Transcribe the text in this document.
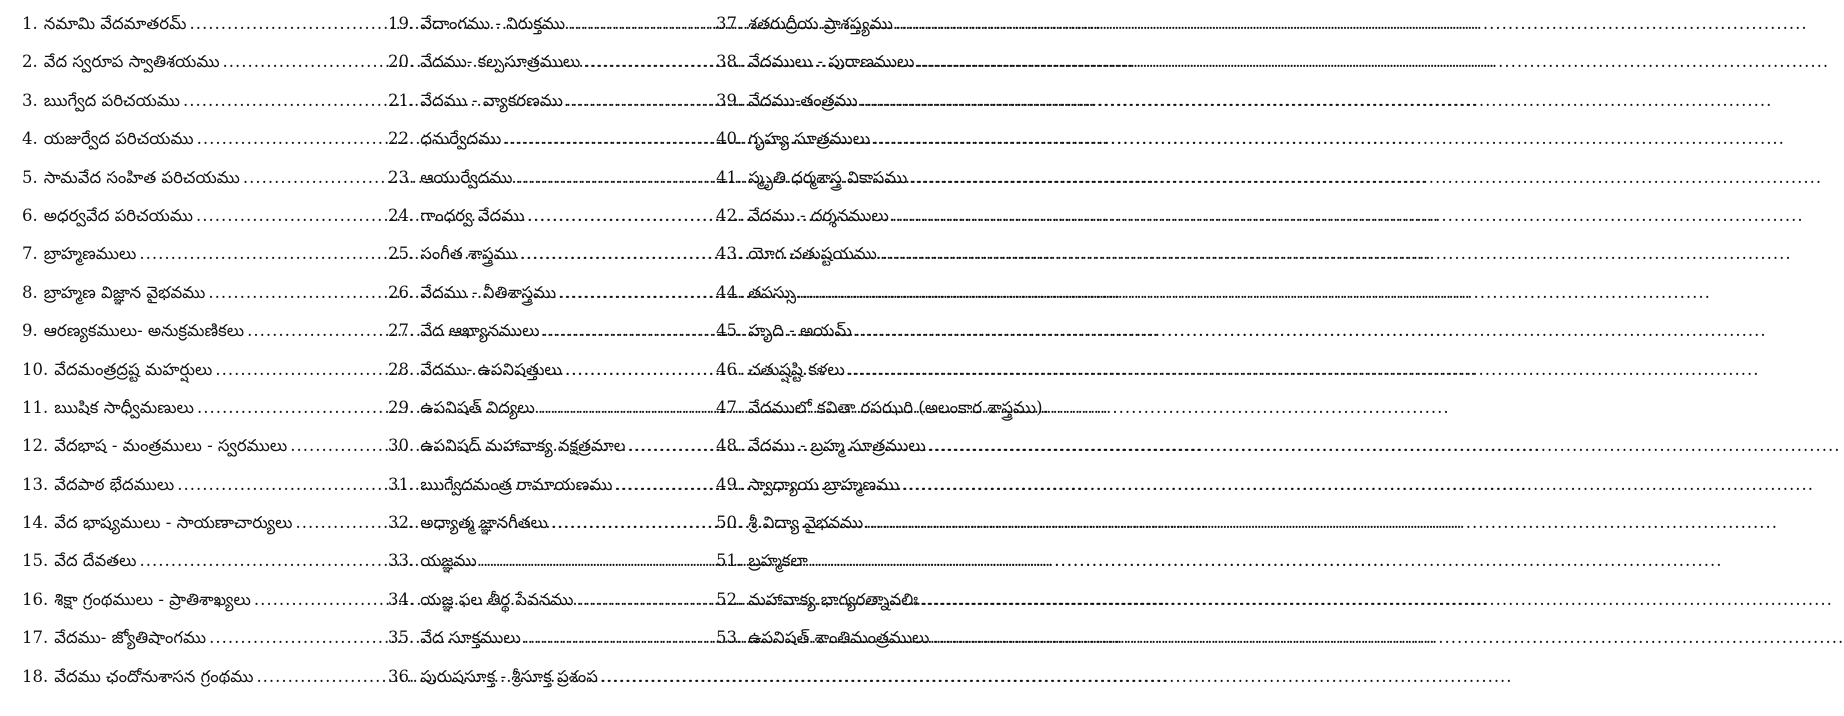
1. నమామి వేదమాతరమ్
.....
2. వేద స్వరూప స్వాతిశయము
.....
3. ఋగ్వేద పరిచయము
.....
4. యజుర్వేద పరిచయము
.....
5. సామవేద సంహిత పరిచయము
.....
6. అధర్వవేద పరిచయము
.....
7. బ్రాహ్మణములు
.....
8. బ్రాహ్మణ విజ్ఞాన వైభవము
.....
9. ఆరణ్యకములు- అనుక్రమణికలు
.....
10. వేదమంత్రద్రష్ట మహర్షులు
.....
11. ఋషిక సాధ్వీమణులు
.....
12. వేదభాష - మంత్రములు - స్వరములు
.....
13. వేదపాఠ భేదములు
.....
14. వేద భాష్యములు - సాయణాచార్యులు
.....
15. వేద దేవతలు
.....
16. శిక్షా గ్రంథములు - ప్రాతిశాఖ్యలు
.....
17. వేదము- జ్యోతిషాంగము
.....
18. వేదము ఛందోనుశాసన గ్రంథము
.....
19. వేదాంగము - నిరుక్తము
.....
20. వేదము- కల్పసూత్రములు
.....
21. వేదము - వ్యాకరణము
.....
22. ధనుర్వేదము
.....
23. ఆయుర్వేదము
.....
24. గాంధర్వ వేదము
.....
25. సంగీత శాస్త్రము
.....
26. వేదము - నీతిశాస్త్రము
.....
27. వేద ఆఖ్యానములు
.....
28. వేదము- ఉపనిషత్తులు
.....
29. ఉపనిషత్ విద్యలు
.....
30. ఉపనిషద్ మహావాక్య నక్షత్రమాల
.....
31. ఋగ్వేదమంత్ర రామాయణము
.....
32. అధ్యాత్మ జ్ఞానగీతలు
.....
33. యజ్ఞము
.....
34. యజ్ఞ ఫల తీర్థ సేవనము
.....
35. వేద సూక్తములు
.....
36. పురుషసూక్త - శ్రీసూక్త ప్రశంస
.....
37. శతరుద్రీయ ప్రాశస్త్యము
.....
38. వేదములు - పురాణములు
.....
39. వేదము-తంత్రము
.....
40. గృహ్య సూత్రములు
.....
41. స్మృతి ధర్మశాస్త్ర వికాసము
.....
42. వేదము - దర్శనములు
.....
43. యోగ చతుష్టయము
.....
44. తపస్సు
.....
45. హృది - అయమ్
.....
46. చతుష్షష్టి కళలు
.....
47. వేదములో కవితా రసఝరి (అలంకార శాస్త్రము).
48. వేదము - బ్రహ్మ సూత్రములు
.....
49. స్వాధ్యాయ బ్రాహ్మణము
.....
50. శ్రీ విద్యా వైభవము
.....
51. బ్రహ్మకలా
.....
52. మహావాక్య భాగ్యరత్నావలిః
.....
53. ఉపనిషత్ శాంతిమంత్రములు
.....
